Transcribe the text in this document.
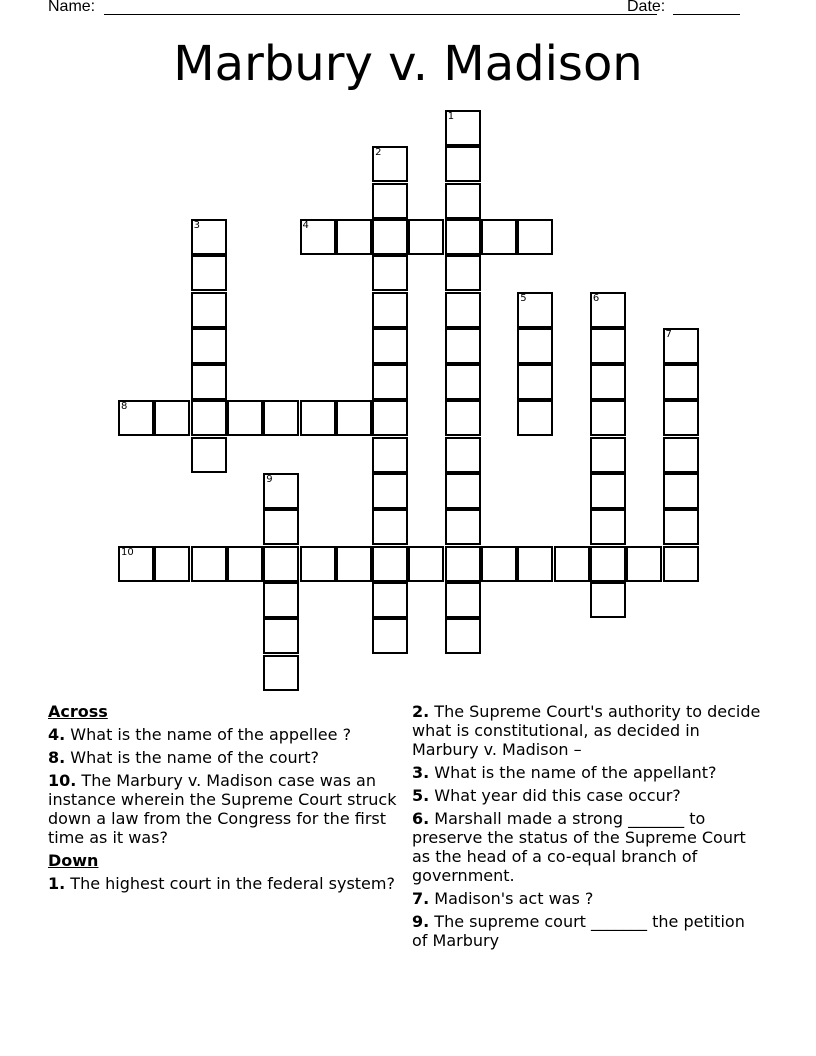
Name:	Date:
Marbury v. Madison
1
2
3	4
5	6
7
8
9
10
Across
4. What is the name of the appellee ?
8. What is the name of the court?
10. The Marbury v. Madison case was an instance wherein the Supreme Court struck down a law from the Congress for the first time as it was?
Down
1. The highest court in the federal system?
2. The Supreme Court's authority to decide what is constitutional, as decided in Marbury v. Madison –
3. What is the name of the appellant?
5. What year did this case occur?
6. Marshall made a strong _______ to preserve the status of the Supreme Court as the head of a co-equal branch of government.
7. Madison's act was ?
9. The supreme court _______ the petition of Marbury
